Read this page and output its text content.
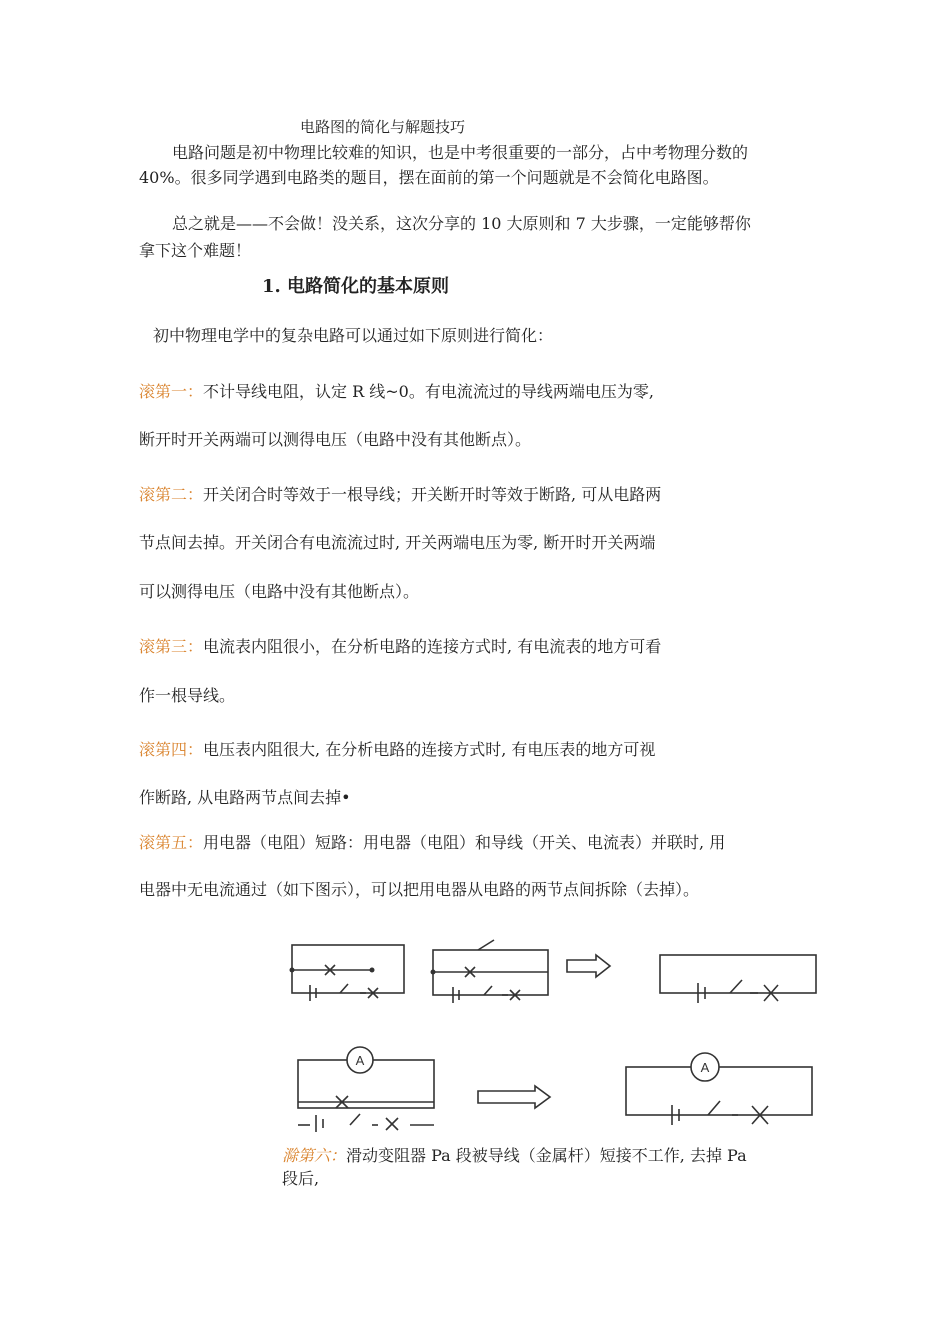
电路图的简化与解题技巧
电路问题是初中物理比较难的知识，也是中考很重要的一部分，占中考物理分数的
40%。很多同学遇到电路类的题目，摆在面前的第一个问题就是不会简化电路图。
总之就是——不会做！没关系，这次分享的 10 大原则和 7 大步骤，一定能够帮你
拿下这个难题！
1. 电路简化的基本原则
初中物理电学中的复杂电路可以通过如下原则进行简化：
滚第一：不计导线电阻，认定 R 线~0。有电流流过的导线两端电压为零,
断开时开关两端可以测得电压（电路中没有其他断点）。
滚第二：开关闭合时等效于一根导线；开关断开时等效于断路, 可从电路两
节点间去掉。开关闭合有电流流过时, 开关两端电压为零, 断开时开关两端
可以测得电压（电路中没有其他断点）。
滚第三：电流表内阻很小，在分析电路的连接方式时, 有电流表的地方可看
作一根导线。
滚第四：电压表内阻很大, 在分析电路的连接方式时, 有电压表的地方可视
作断路, 从电路两节点间去掉•
滚第五：用电器（电阻）短路：用电器（电阻）和导线（开关、电流表）并联时, 用
电器中无电流通过（如下图示），可以把用电器从电路的两节点间拆除（去掉）。
A	A
滁第六：滑动变阻器 Pa 段被导线（金属杆）短接不工作, 去掉 Pa
段后,
